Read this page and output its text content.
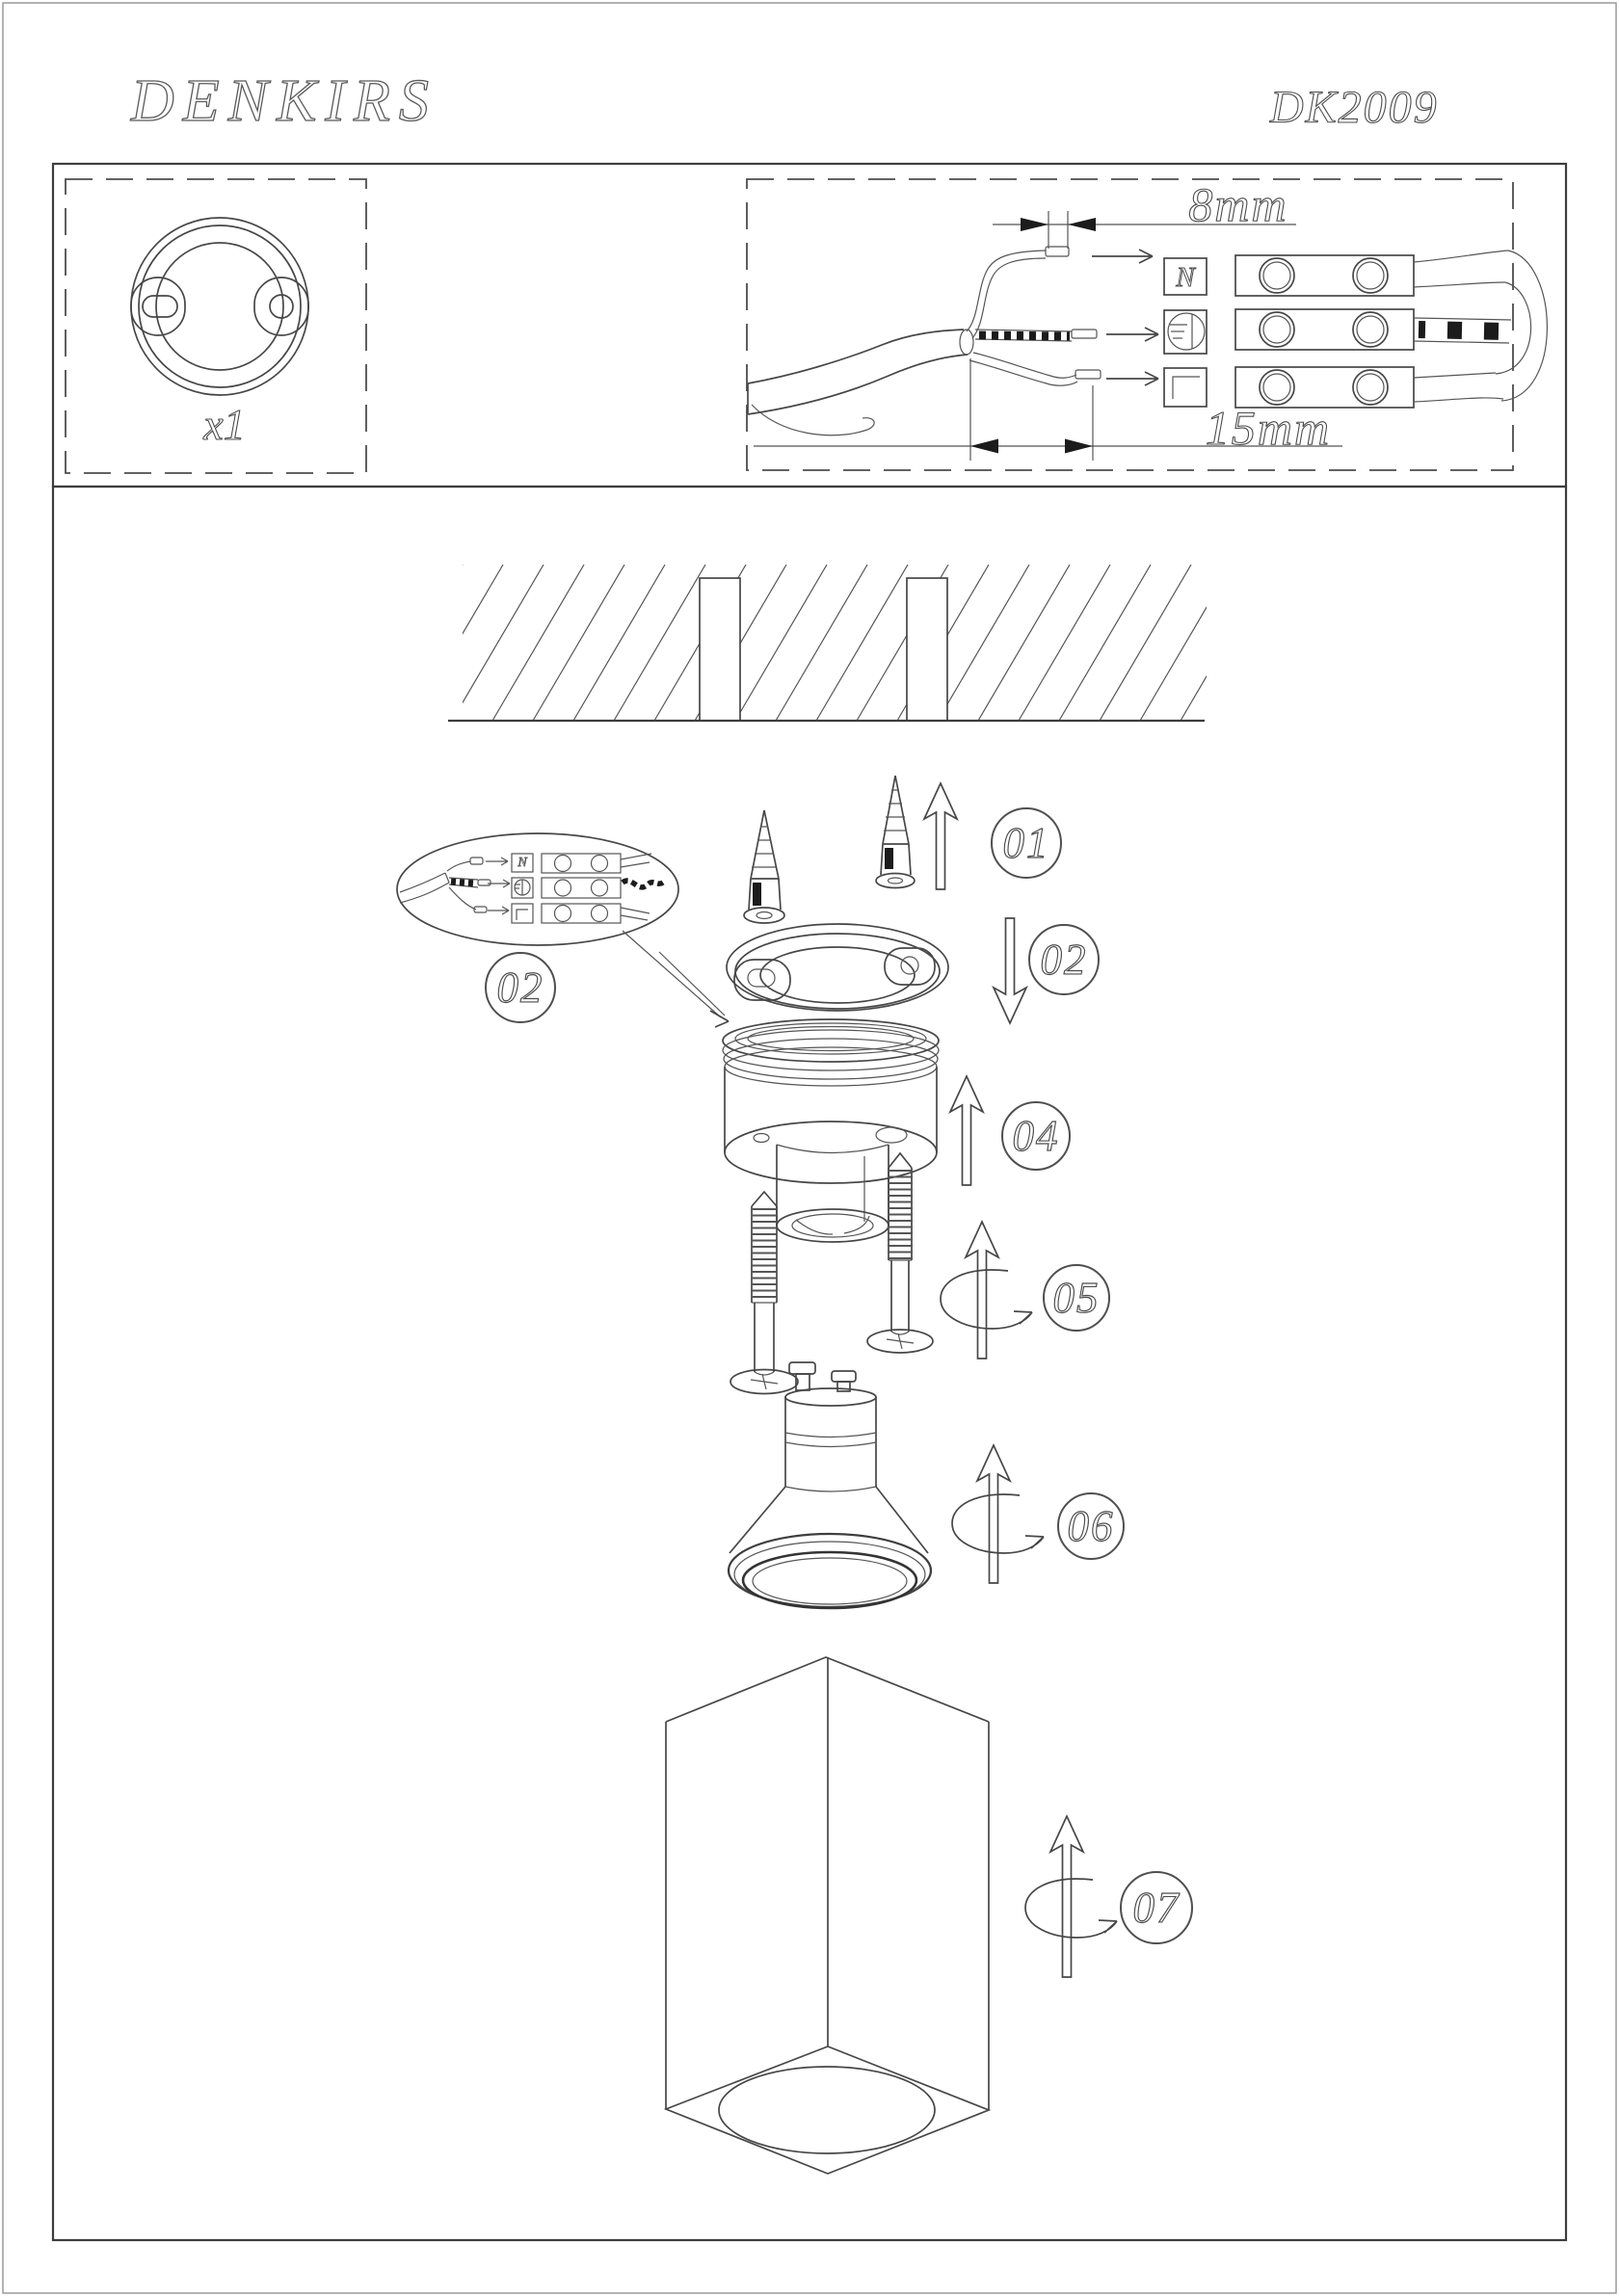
DENKIRS	DK2009
x1
8mm
15mm
N
N	01
02
02
04
05
06
07
